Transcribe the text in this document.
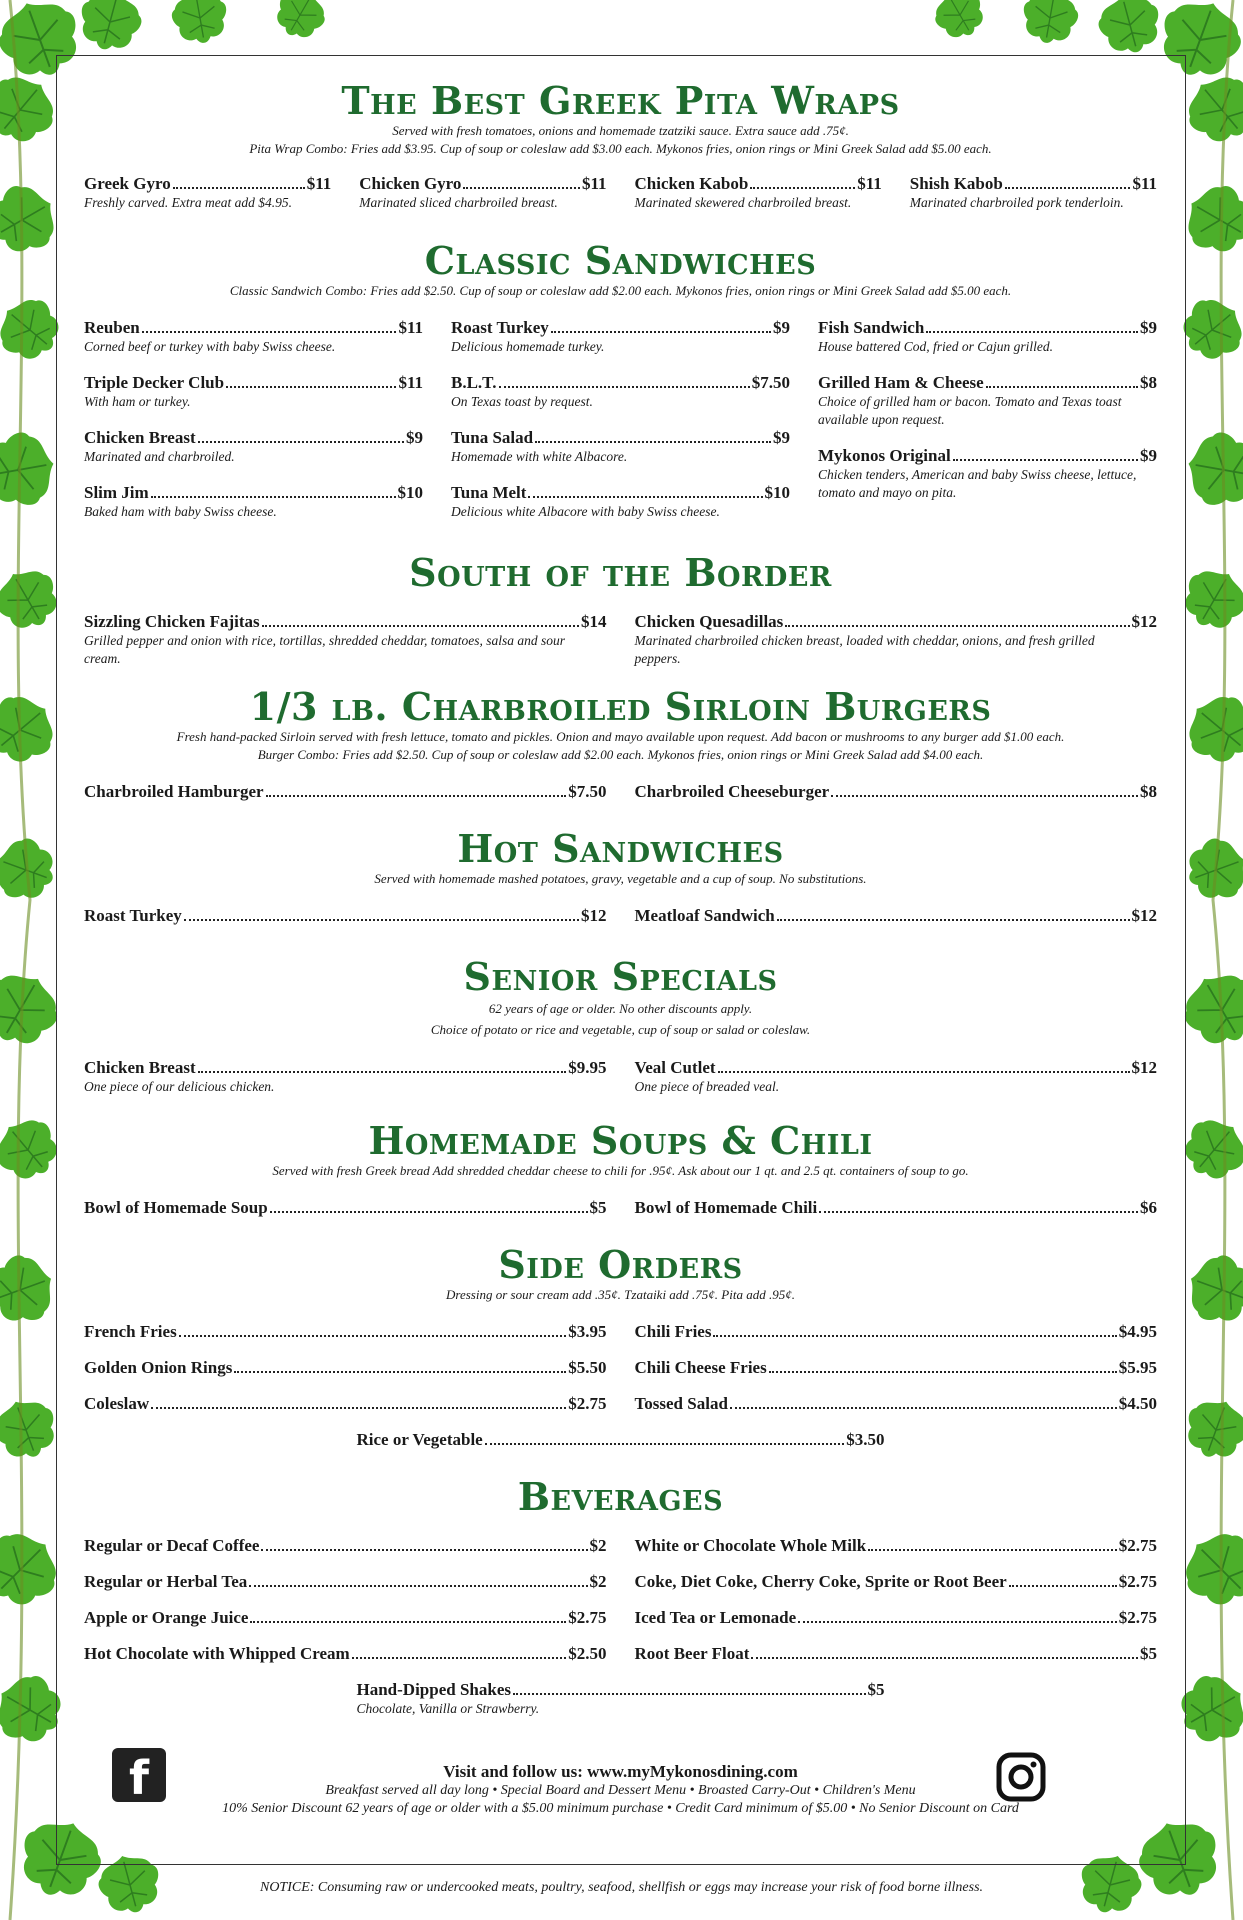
The Best Greek Pita Wraps

Served with fresh tomatoes, onions and homemade tzatziki sauce. Extra sauce add .75¢.

Pita Wrap Combo: Fries add $3.95. Cup of soup or coleslaw add $3.00 each. Mykonos fries, onion rings or Mini Greek Salad add $5.00 each.

Greek Gyro	$11
Freshly carved. Extra meat add $4.95.
Chicken Gyro	$11
Marinated sliced charbroiled breast.
Chicken Kabob	$11
Marinated skewered charbroiled breast.
Shish Kabob	$11
Marinated charbroiled pork tenderloin.
Classic Sandwiches

Classic Sandwich Combo: Fries add $2.50. Cup of soup or coleslaw add $2.00 each. Mykonos fries, onion rings or Mini Greek Salad add $5.00 each.

Reuben	$11
Corned beef or turkey with baby Swiss cheese.
Triple Decker Club	$11
With ham or turkey.
Chicken Breast	$9
Marinated and charbroiled.
Slim Jim	$10
Baked ham with baby Swiss cheese.
Roast Turkey	$9
Delicious homemade turkey.
B.L.T.	$7.50
On Texas toast by request.
Tuna Salad	$9
Homemade with white Albacore.
Tuna Melt	$10
Delicious white Albacore with baby Swiss cheese.
Fish Sandwich	$9
House battered Cod, fried or Cajun grilled.
Grilled Ham & Cheese	$8
Choice of grilled ham or bacon. Tomato and Texas toast available upon request.
Mykonos Original	$9
Chicken tenders, American and baby Swiss cheese, lettuce, tomato and mayo on pita.
South of the Border
Sizzling Chicken Fajitas	$14
Grilled pepper and onion with rice, tortillas, shredded cheddar, tomatoes, salsa and sour cream.
Chicken Quesadillas	$12
Marinated charbroiled chicken breast, loaded with cheddar, onions, and fresh grilled peppers.
1/3 lb. Charbroiled Sirloin Burgers

Fresh hand-packed Sirloin served with fresh lettuce, tomato and pickles. Onion and mayo available upon request. Add bacon or mushrooms to any burger add $1.00 each.

Burger Combo: Fries add $2.50. Cup of soup or coleslaw add $2.00 each. Mykonos fries, onion rings or Mini Greek Salad add $4.00 each.

Charbroiled Hamburger	$7.50 Charbroiled Cheeseburger	$8
Hot Sandwiches

Served with homemade mashed potatoes, gravy, vegetable and a cup of soup. No substitutions.

Roast Turkey	$12 Meatloaf Sandwich	$12
Senior Specials

62 years of age or older. No other discounts apply.

Choice of potato or rice and vegetable, cup of soup or salad or coleslaw.

Chicken Breast	$9.95
One piece of our delicious chicken.
Veal Cutlet	$12
One piece of breaded veal.
Homemade Soups & Chili

Served with fresh Greek bread Add shredded cheddar cheese to chili for .95¢. Ask about our 1 qt. and 2.5 qt. containers of soup to go.

Bowl of Homemade Soup	$5 Bowl of Homemade Chili	$6
Side Orders

Dressing or sour cream add .35¢. Tzataiki add .75¢. Pita add .95¢.

French Fries	$3.95
Golden Onion Rings	$5.50
Coleslaw	$2.75
Chili Fries	$4.95
Chili Cheese Fries	$5.95
Tossed Salad	$4.50
Rice or Vegetable	$3.50
Beverages
Regular or Decaf Coffee	$2
Regular or Herbal Tea	$2
Apple or Orange Juice	$2.75
Hot Chocolate with Whipped Cream	$2.50
White or Chocolate Whole Milk	$2.75
Coke, Diet Coke, Cherry Coke, Sprite or Root Beer	$2.75
Iced Tea or Lemonade	$2.75
Root Beer Float	$5
Hand-Dipped Shakes	$5
Chocolate, Vanilla or Strawberry.
Visit and follow us: www.myMykonosdining.com
Breakfast served all day long • Special Board and Dessert Menu • Broasted Carry-Out • Children's Menu
10% Senior Discount 62 years of age or older with a $5.00 minimum purchase • Credit Card minimum of $5.00 • No Senior Discount on Card
f
NOTICE: Consuming raw or undercooked meats, poultry, seafood, shellfish or eggs may increase your risk of food borne illness.
